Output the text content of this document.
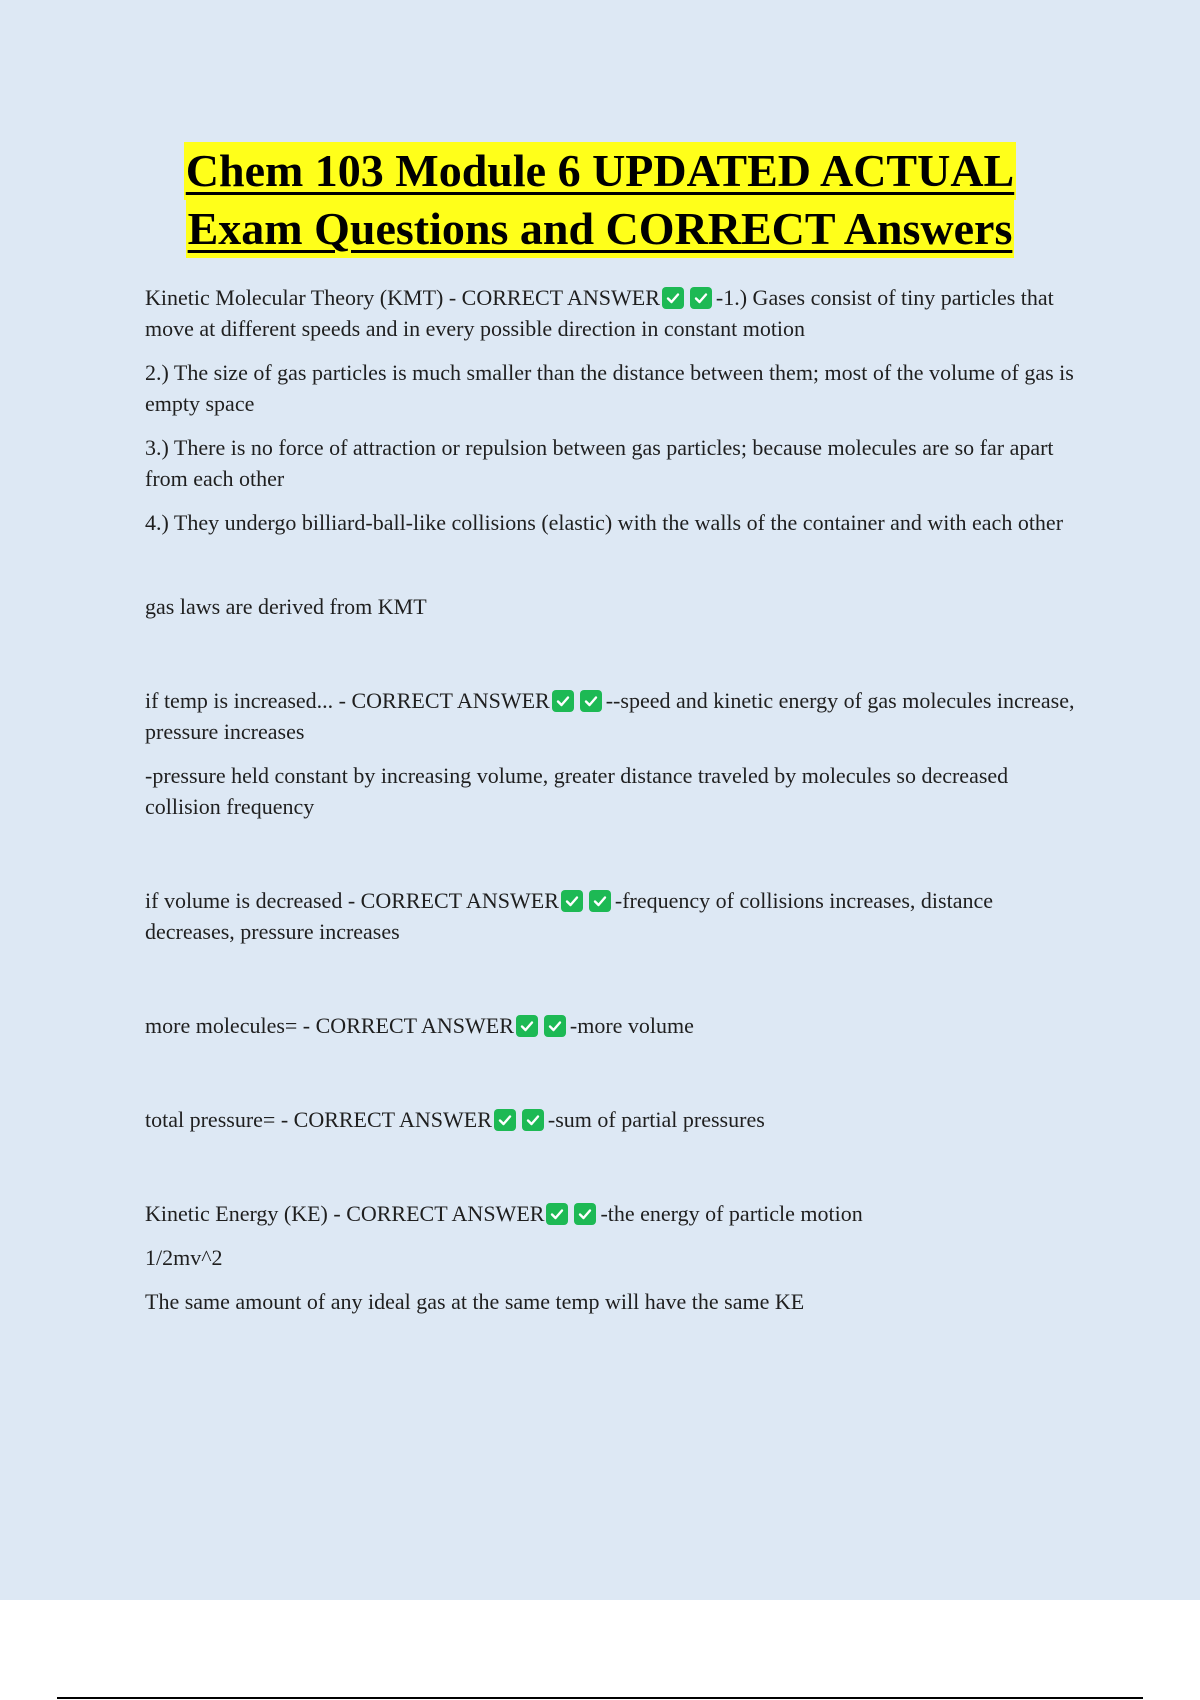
Chem 103 Module 6 UPDATED ACTUAL
Exam Questions and CORRECT Answers

Kinetic Molecular Theory (KMT) - CORRECT ANSWER	-1.) Gases consist of tiny particles that move at different speeds and in every possible direction in constant motion

2.) The size of gas particles is much smaller than the distance between them; most of the volume of gas is empty space

3.) There is no force of attraction or repulsion between gas particles; because molecules are so far apart from each other

4.) They undergo billiard-ball-like collisions (elastic) with the walls of the container and with each other

gas laws are derived from KMT

if temp is increased... - CORRECT ANSWER	--speed and kinetic energy of gas molecules increase, pressure increases

-pressure held constant by increasing volume, greater distance traveled by molecules so decreased collision frequency

if volume is decreased - CORRECT ANSWER	-frequency of collisions increases, distance decreases, pressure increases

more molecules= - CORRECT ANSWER	-more volume

total pressure= - CORRECT ANSWER	-sum of partial pressures

Kinetic Energy (KE) - CORRECT ANSWER	-the energy of particle motion

1/2mv^2

The same amount of any ideal gas at the same temp will have the same KE
